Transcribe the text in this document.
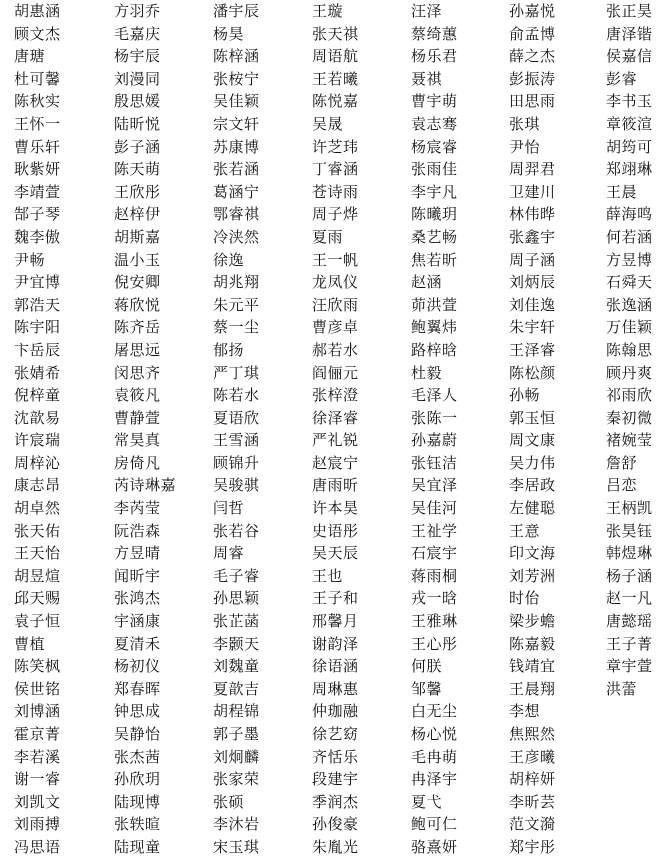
胡惠涵	方羽乔	潘宇辰	王璇	汪泽	孙嘉悦	张正昊
顾文杰	毛嘉庆	杨昊	张天祺	蔡绮蕙	俞孟博	唐泽锴
唐瑭	杨宇辰	陈梓涵	周语航	杨乐君	薛之杰	侯嘉信
杜可馨	刘漫同	张桉宁	王若曦	聂祺	彭振涛	彭睿
陈秋实	殷思媛	吴佳颖	陈悦嘉	曹宇萌	田思雨	李书玉
王怀一	陆昕悦	宗文轩	吴晟	袁志骞	张琪	章筱渲
曹乐轩	彭子涵	苏康博	许芝玮	杨宸睿	尹怡	胡筠可
耿紫妍	陈天萌	张若涵	丁睿涵	张雨佳	周羿君	郑翊琳
李靖萱	王欣彤	葛涵宁	苍诗雨	李宇凡	卫建川	王晨
郜子琴	赵梓伊	鄂睿祺	周子烨	陈曦玥	林伟晔	薛海鸣
魏李傲	胡斯嘉	冷浃然	夏雨	桑艺畅	张鑫宇	何若涵
尹畅	温小玉	徐逸	王一帆	焦若昕	周子涵	方昱博
尹宜博	倪安卿	胡兆翔	龙凤仪	赵涵	刘炳辰	石舜天
郭浩天	蒋欣悦	朱元平	汪欣雨	茆洪萱	刘佳逸	张逸涵
陈宇阳	陈齐岳	蔡一尘	曹彦卓	鲍翼炜	朱宇轩	万佳颖
卞岳辰	屠思远	郁扬	郝若水	路梓晗	王泽睿	陈翰思
张婧希	闵思齐	严丁琪	阎俪元	杜毅	陈松颜	顾丹爽
倪梓童	袁筱凡	陈若水	张梓澄	毛泽人	孙畅	祁雨欣
沈歆易	曹静萱	夏语欣	徐泽睿	张陈一	郭玉恒	秦初微
许宸瑞	常昊真	王雪涵	严礼锐	孙嘉蔚	周文康	褚婉莹
周梓沁	房倚凡	顾锦升	赵宸宁	张钰洁	吴力伟	詹舒
康志昂	芮诗琳嘉	吴骏骐	唐雨昕	吴宜泽	李居政	吕恋
胡卓然	李芮莹	闫哲	许本昊	吴佳河	左健聪	王柄凯
张天佑	阮浩森	张若谷	史语彤	王祉学	王意	张昊钰
王天怡	方昱晴	周睿	吴天辰	石宸宇	印文海	韩煜琳
胡昱煊	闻昕宇	毛子睿	王也	蒋雨桐	刘芳洲	杨子涵
邱天赐	张鸿杰	孙思颖	王子和	戎一晗	时佁	赵一凡
袁子恒	宇涵康	张芷菡	邢馨月	王雅琳	梁步蟾	唐懿瑶
曹植	夏清禾	李颢天	谢韵泽	王心彤	陈嘉毅	王子菁
陈笑枫	杨初仪	刘魏童	徐语涵	何朕	钱靖宜	章宇萱
侯世铭	郑春晖	夏歆吉	周琳惠	邹馨	王晨翔	洪蕾
刘博涵	钟思成	胡程锦	仲珈融	白无尘	李想
霍京菁	吴静怡	郭子墨	徐艺窈	杨心悦	焦熙然
李若溪	张杰茜	刘炯麟	齐恬乐	毛冉萌	王彦曦
谢一睿	孙欣玥	张家荣	段建宇	冉泽宇	胡梓妍
刘凯文	陆现博	张硕	季润杰	夏弋	李昕芸
刘雨搏	张轶暄	李沐岩	孙俊豪	鲍可仁	范文漪
冯思语	陆现童	宋玉琪	朱胤光	骆熹妍	郑宇彤
